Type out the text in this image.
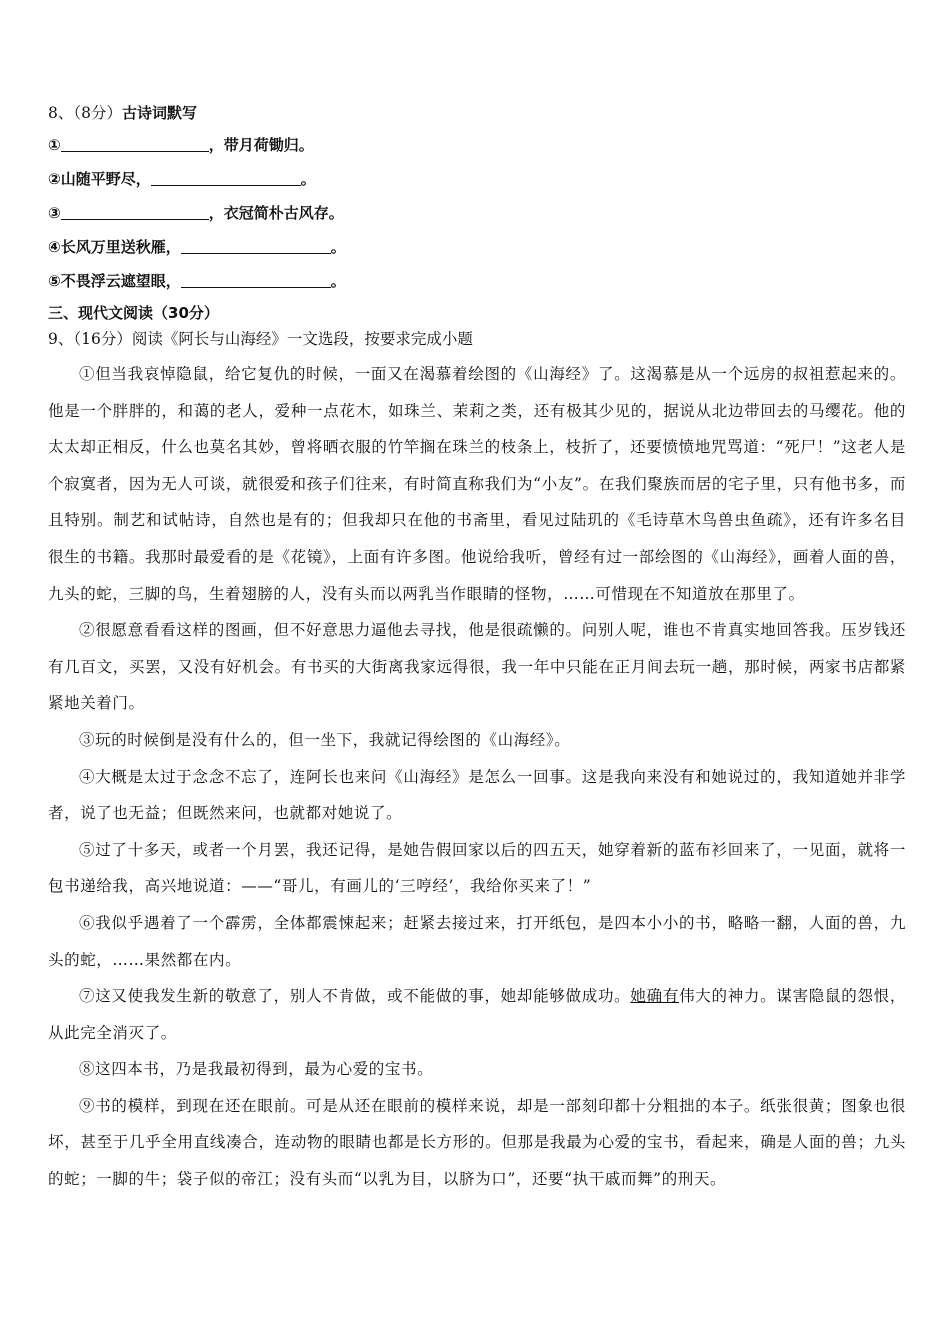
8、（8分）古诗词默写
①	，带月荷锄归。
②山随平野尽，	。
③	，衣冠简朴古风存。
④长风万里送秋雁，	。
⑤不畏浮云遮望眼，	。
三、现代文阅读（30分）
9、（16分）阅读《阿长与山海经》一文选段，按要求完成小题

①但当我哀悼隐鼠，给它复仇的时候，一面又在渴慕着绘图的《山海经》了。这渴慕是从一个远房的叔祖惹起来的。他是一个胖胖的，和蔼的老人，爱种一点花木，如珠兰、茉莉之类，还有极其少见的，据说从北边带回去的马缨花。他的太太却正相反，什么也莫名其妙，曾将晒衣服的竹竿搁在珠兰的枝条上，枝折了，还要愤愤地咒骂道：“死尸！”这老人是个寂寞者，因为无人可谈，就很爱和孩子们往来，有时简直称我们为“小友”。在我们聚族而居的宅子里，只有他书多，而且特别。制艺和试帖诗，自然也是有的；但我却只在他的书斋里，看见过陆玑的《毛诗草木鸟兽虫鱼疏》，还有许多名目很生的书籍。我那时最爱看的是《花镜》，上面有许多图。他说给我听，曾经有过一部绘图的《山海经》，画着人面的兽，九头的蛇，三脚的鸟，生着翅膀的人，没有头而以两乳当作眼睛的怪物，……可惜现在不知道放在那里了。

②很愿意看看这样的图画，但不好意思力逼他去寻找，他是很疏懒的。问别人呢，谁也不肯真实地回答我。压岁钱还有几百文，买罢，又没有好机会。有书买的大街离我家远得很，我一年中只能在正月间去玩一趟，那时候，两家书店都紧紧地关着门。

③玩的时候倒是没有什么的，但一坐下，我就记得绘图的《山海经》。

④大概是太过于念念不忘了，连阿长也来问《山海经》是怎么一回事。这是我向来没有和她说过的，我知道她并非学者，说了也无益；但既然来问，也就都对她说了。

⑤过了十多天，或者一个月罢，我还记得，是她告假回家以后的四五天，她穿着新的蓝布衫回来了，一见面，就将一包书递给我，高兴地说道：——“哥儿，有画儿的‘三哼经’，我给你买来了！”

⑥我似乎遇着了一个霹雳，全体都震悚起来；赶紧去接过来，打开纸包，是四本小小的书，略略一翻，人面的兽，九头的蛇，……果然都在内。

⑦这又使我发生新的敬意了，别人不肯做，或不能做的事，她却能够做成功。她确有伟大的神力。谋害隐鼠的怨恨，从此完全消灭了。

⑧这四本书，乃是我最初得到，最为心爱的宝书。

⑨书的模样，到现在还在眼前。可是从还在眼前的模样来说，却是一部刻印都十分粗拙的本子。纸张很黄；图象也很坏，甚至于几乎全用直线凑合，连动物的眼睛也都是长方形的。但那是我最为心爱的宝书，看起来，确是人面的兽；九头的蛇；一脚的牛；袋子似的帝江；没有头而“以乳为目，以脐为口”，还要“执干戚而舞”的刑天。
